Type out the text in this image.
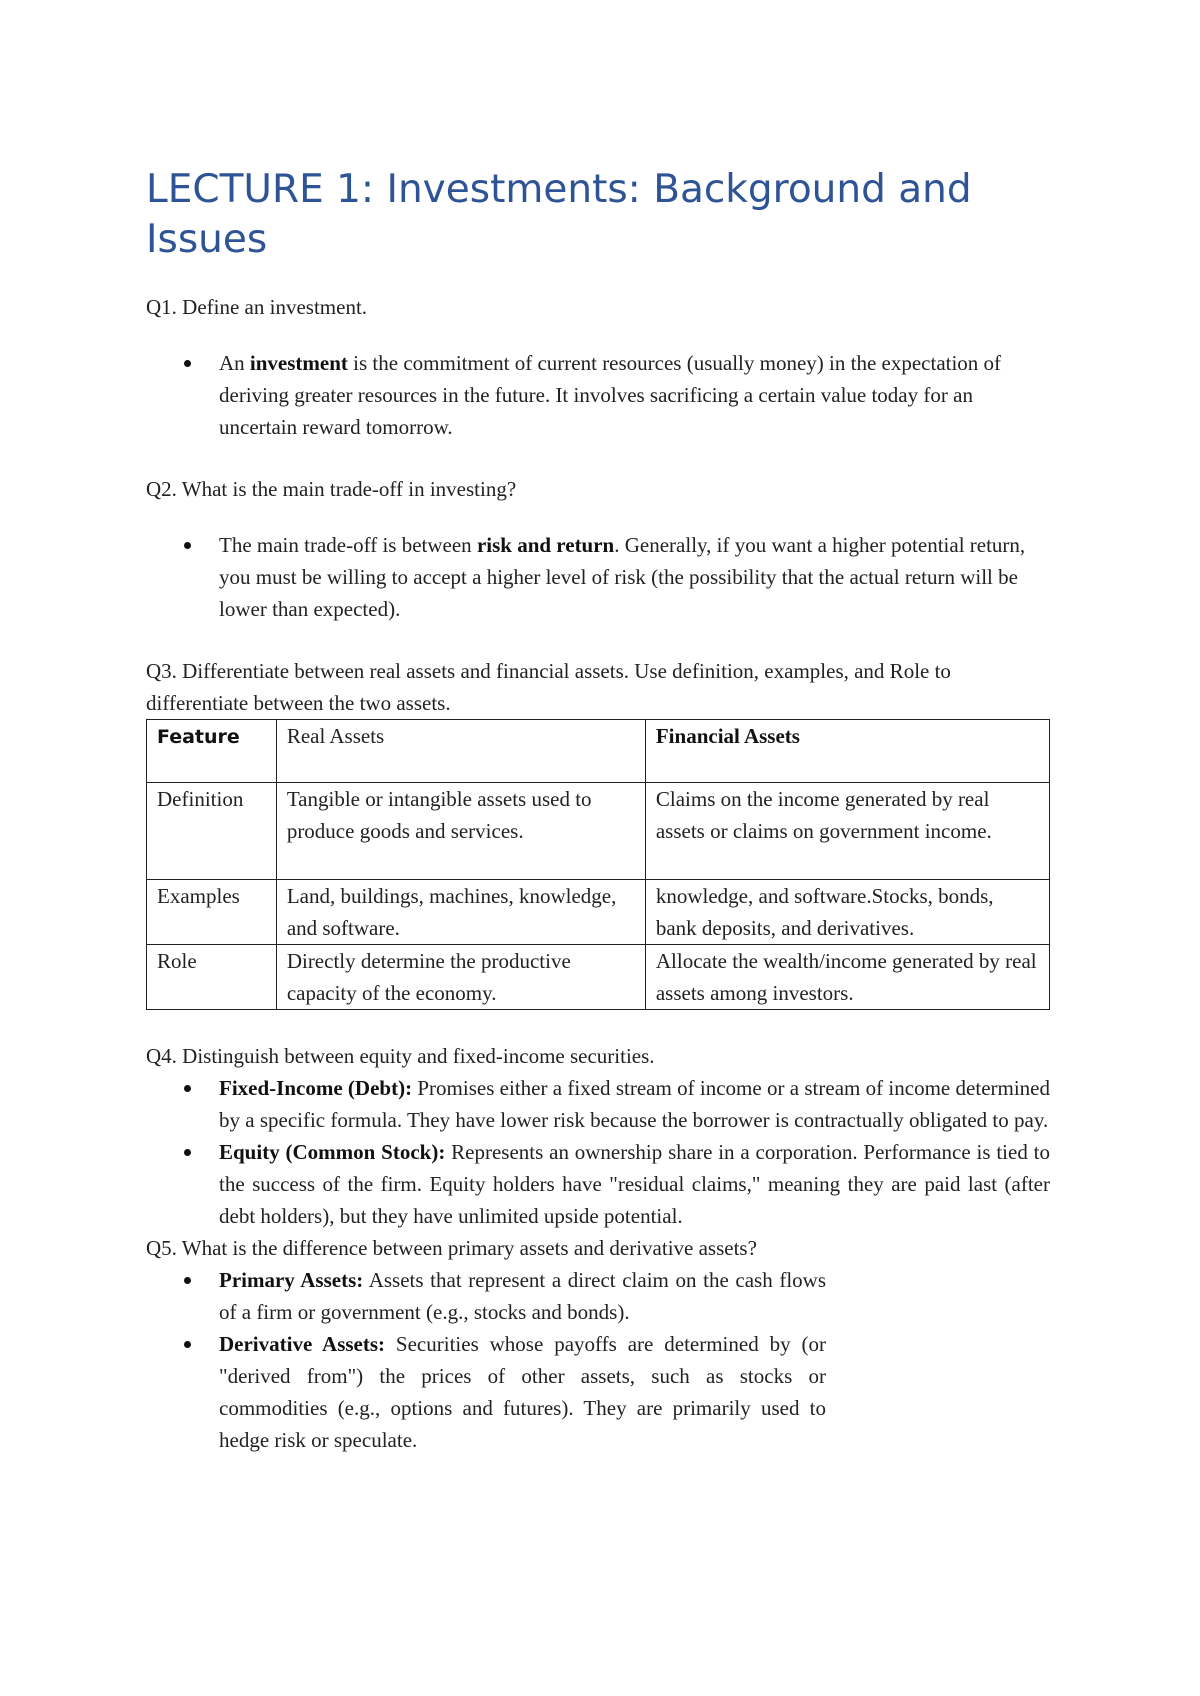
LECTURE 1: Investments: Background and Issues

Q1. Define an investment.

An investment is the commitment of current resources (usually money) in the expectation of deriving greater resources in the future. It involves sacrificing a certain value today for an uncertain reward tomorrow.

Q2. What is the main trade-off in investing?

The main trade-off is between risk and return. Generally, if you want a higher potential return, you must be willing to accept a higher level of risk (the possibility that the actual return will be lower than expected).

Q3. Differentiate between real assets and financial assets. Use definition, examples, and Role to differentiate between the two assets.

Feature	Real Assets	Financial Assets
Definition	Tangible or intangible assets used to produce goods and services.	Claims on the income generated by real assets or claims on government income.
Examples	Land, buildings, machines, knowledge, and software.	knowledge, and software.Stocks, bonds, bank deposits, and derivatives.
Role	Directly determine the productive capacity of the economy.	Allocate the wealth/income generated by real assets among investors.

Q4. Distinguish between equity and fixed-income securities.

Fixed-Income (Debt): Promises either a fixed stream of income or a stream of income determined by a specific formula. They have lower risk because the borrower is contractually obligated to pay.
Equity (Common Stock): Represents an ownership share in a corporation. Performance is tied to the success of the firm. Equity holders have "residual claims," meaning they are paid last (after debt holders), but they have unlimited upside potential.

Q5. What is the difference between primary assets and derivative assets?

Primary Assets: Assets that represent a direct claim on the cash flows of a firm or government (e.g., stocks and bonds).
Derivative Assets: Securities whose payoffs are determined by (or "derived from") the prices of other assets, such as stocks or commodities (e.g., options and futures). They are primarily used to hedge risk or speculate.
